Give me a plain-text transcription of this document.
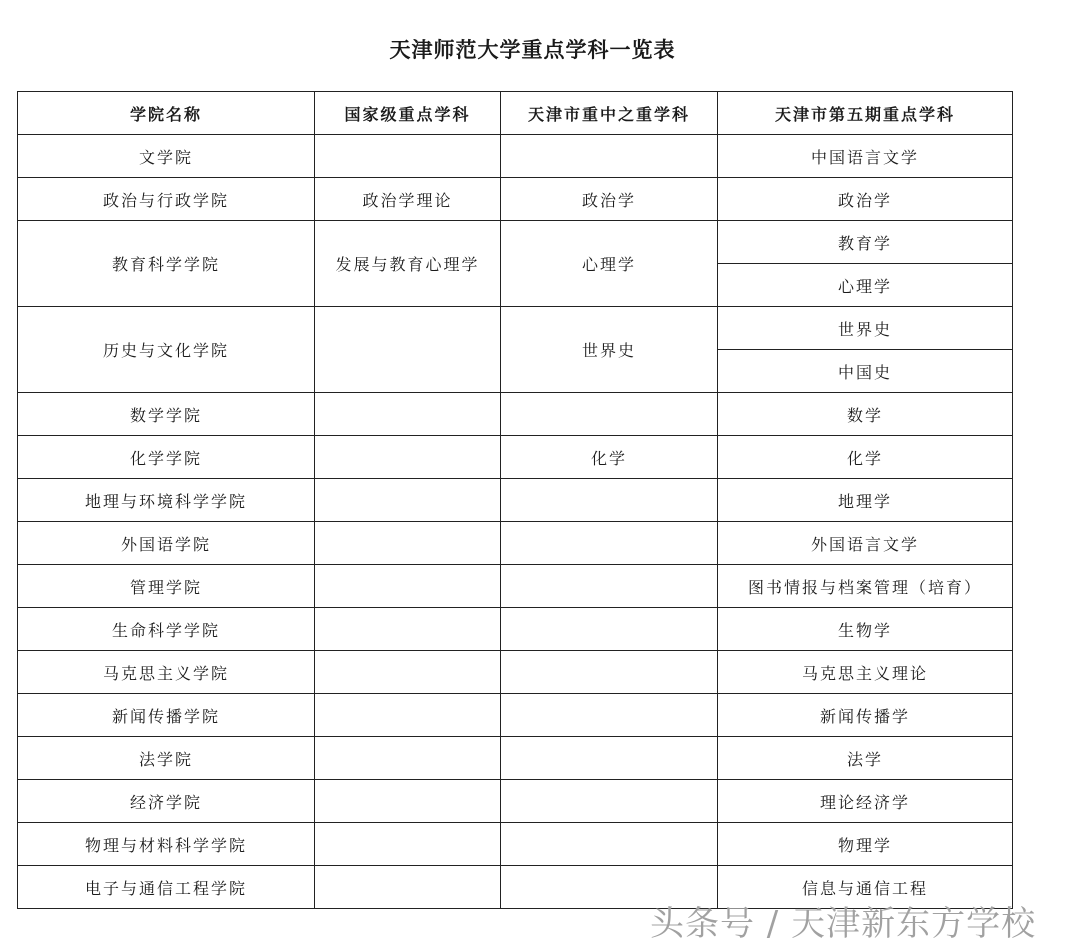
天津师范大学重点学科一览表
学院名称	国家级重点学科	天津市重中之重学科	天津市第五期重点学科
文学院			中国语言文学
政治与行政学院	政治学理论	政治学	政治学
教育科学学院	发展与教育心理学	心理学	教育学
			心理学
历史与文化学院		世界史	世界史
			中国史
数学学院			数学
化学学院		化学	化学
地理与环境科学学院			地理学
外国语学院			外国语言文学
管理学院			图书情报与档案管理（培育）
生命科学学院			生物学
马克思主义学院			马克思主义理论
新闻传播学院			新闻传播学
法学院			法学
经济学院			理论经济学
物理与材料科学学院			物理学
电子与通信工程学院			信息与通信工程
头条号 / 天津新东方学校
